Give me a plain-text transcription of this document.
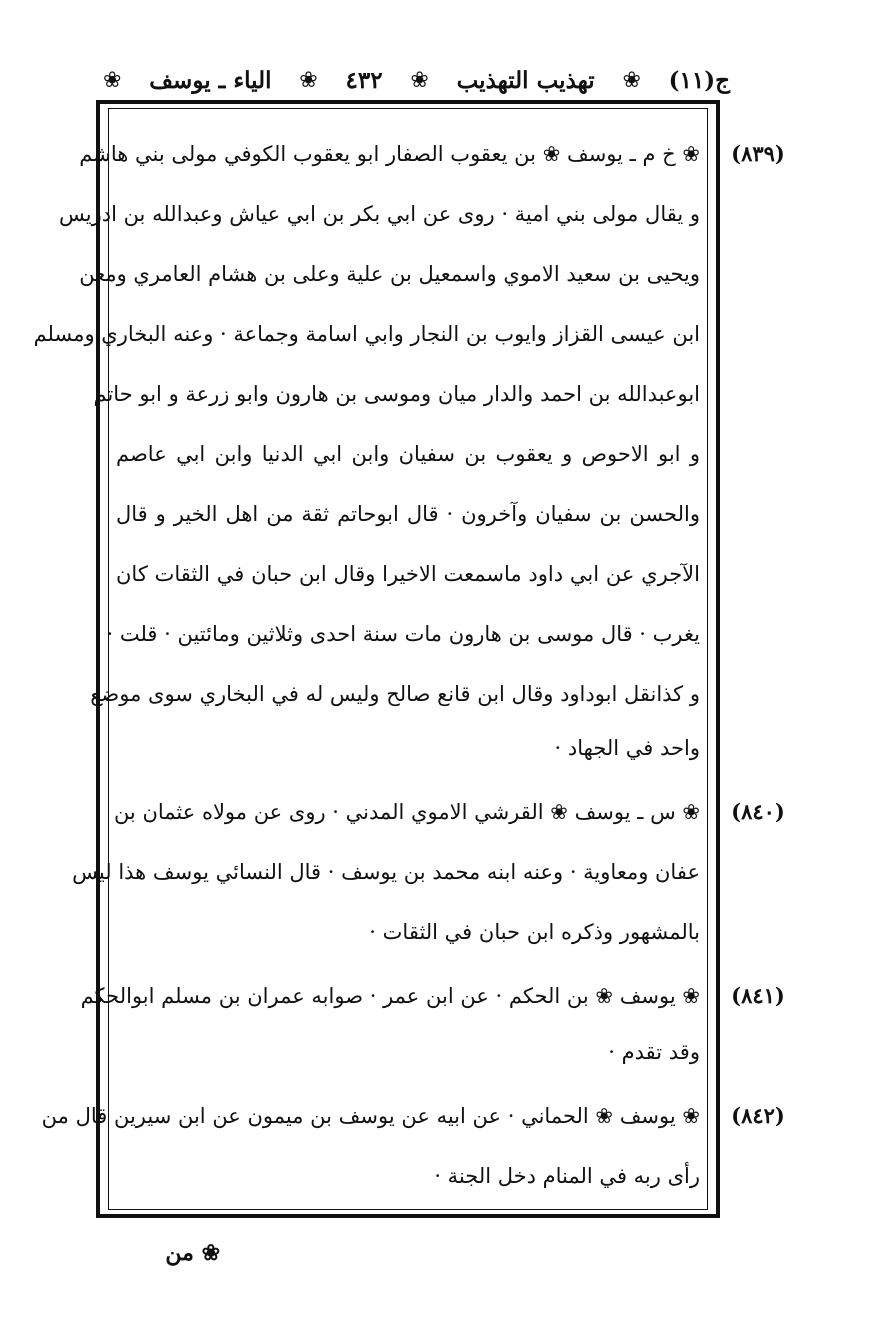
ج(١١)
❀
تهذيب التهذيب
❀
٤٣٢
❀
الياء ـ يوسف
❀
(٨٣٩)
(٨٤٠)
(٨٤١)
(٨٤٢)
❀ خ م ـ يوسف ❀ بن يعقوب الصفار ابو يعقوب الكوفي مولى بني هاشم
و يقال مولى بني امية · روى عن ابي بكر بن ابي عياش وعبدالله بن ادريس
ويحيى بن سعيد الاموي واسمعيل بن علية وعلى بن هشام العامري ومعن
ابن عيسى القزاز وايوب بن النجار وابي اسامة وجماعة · وعنه البخاري ومسلم
ابوعبدالله بن احمد والدار ميان وموسى بن هارون وابو زرعة و ابو حاتم
و ابو الاحوص و يعقوب بن سفيان وابن ابي الدنيا وابن ابي عاصم
والحسن بن سفيان وآخرون · قال ابوحاتم ثقة من اهل الخير و قال
الآجري عن ابي داود ماسمعت الاخيرا وقال ابن حبان في الثقات كان
يغرب · قال موسى بن هارون مات سنة احدى وثلاثين ومائتين · قلت ·
و كذانقل ابوداود وقال ابن قانع صالح وليس له في البخاري سوى موضع
واحد في الجهاد ·
❀ س ـ يوسف ❀ القرشي الاموي المدني · روى عن مولاه عثمان بن
عفان ومعاوية · وعنه ابنه محمد بن يوسف · قال النسائي يوسف هذا ليس
بالمشهور وذكره ابن حبان في الثقات ·
❀ يوسف ❀ بن الحكم · عن ابن عمر · صوابه عمران بن مسلم ابوالحكم
وقد تقدم ·
❀ يوسف ❀ الحماني · عن ابيه عن يوسف بن ميمون عن ابن سيرين قال من
رأى ربه في المنام دخل الجنة ·
❀ من
